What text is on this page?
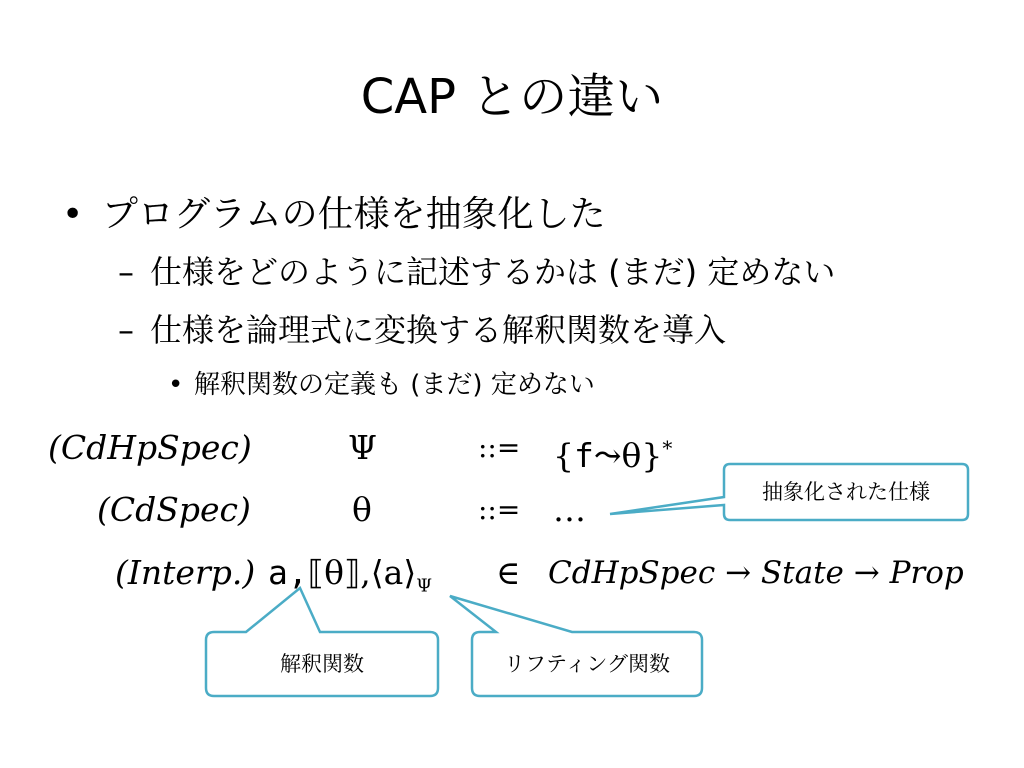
CAP との違い
• プログラムの仕様を抽象化した
– 仕様をどのように記述するかは (まだ) 定めない
– 仕様を論理式に変換する解釈関数を導入
• 解釈関数の定義も (まだ) 定めない
(CdHpSpec)	Ψ	::= {f⤳θ}*
(CdSpec)	θ	::= …
(Interp.) $a,⟦\theta⟧,⟨a⟩_\Psi$ ∈ CdHpSpec → State → Prop
抽象化された仕様
解釈関数	リフティング関数
